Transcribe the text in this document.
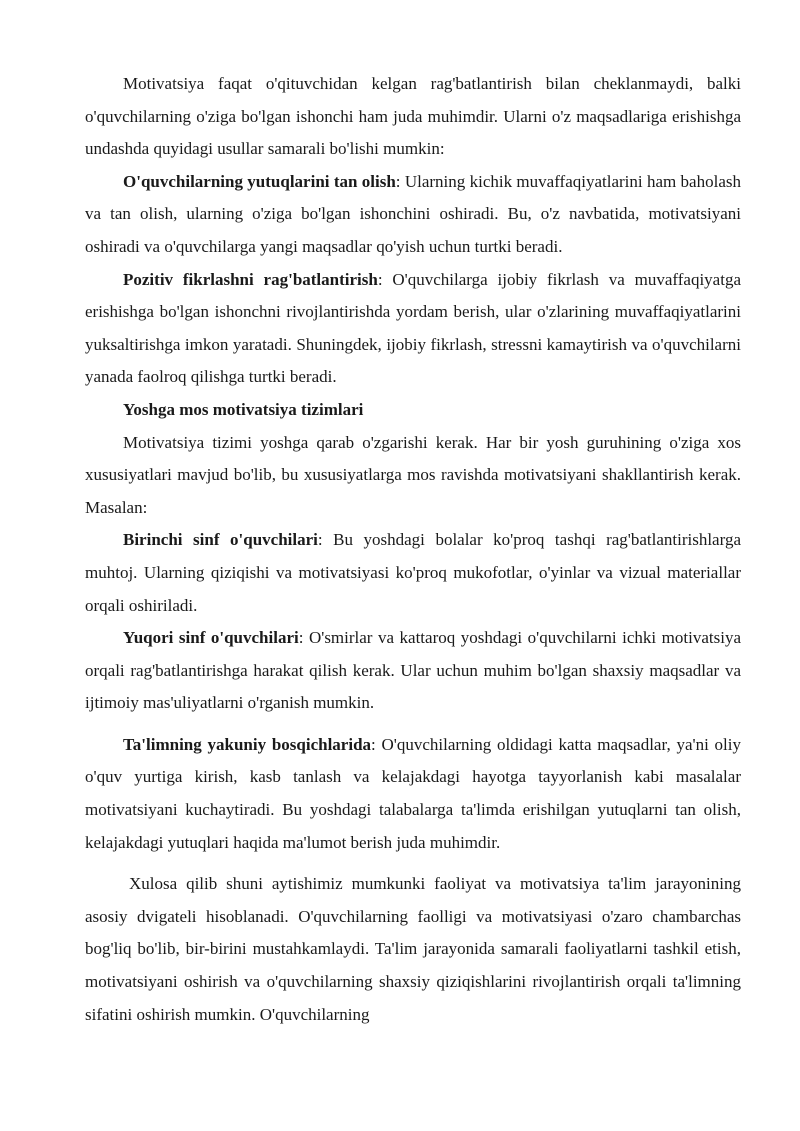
Motivatsiya faqat o'qituvchidan kelgan rag'batlantirish bilan cheklanmaydi, balki o'quvchilarning o'ziga bo'lgan ishonchi ham juda muhimdir. Ularni o'z maqsadlariga erishishga undashda quyidagi usullar samarali bo'lishi mumkin:

O'quvchilarning yutuqlarini tan olish: Ularning kichik muvaffaqiyatlarini ham baholash va tan olish, ularning o'ziga bo'lgan ishonchini oshiradi. Bu, o'z navbatida, motivatsiyani oshiradi va o'quvchilarga yangi maqsadlar qo'yish uchun turtki beradi.

Pozitiv fikrlashni rag'batlantirish: O'quvchilarga ijobiy fikrlash va muvaffaqiyatga erishishga bo'lgan ishonchni rivojlantirishda yordam berish, ular o'zlarining muvaffaqiyatlarini yuksaltirishga imkon yaratadi. Shuningdek, ijobiy fikrlash, stressni kamaytirish va o'quvchilarni yanada faolroq qilishga turtki beradi.

Yoshga mos motivatsiya tizimlari

Motivatsiya tizimi yoshga qarab o'zgarishi kerak. Har bir yosh guruhining o'ziga xos xususiyatlari mavjud bo'lib, bu xususiyatlarga mos ravishda motivatsiyani shakllantirish kerak. Masalan:

Birinchi sinf o'quvchilari: Bu yoshdagi bolalar ko'proq tashqi rag'batlantirishlarga muhtoj. Ularning qiziqishi va motivatsiyasi ko'proq mukofotlar, o'yinlar va vizual materiallar orqali oshiriladi.

Yuqori sinf o'quvchilari: O'smirlar va kattaroq yoshdagi o'quvchilarni ichki motivatsiya orqali rag'batlantirishga harakat qilish kerak. Ular uchun muhim bo'lgan shaxsiy maqsadlar va ijtimoiy mas'uliyatlarni o'rganish mumkin.

Ta'limning yakuniy bosqichlarida: O'quvchilarning oldidagi katta maqsadlar, ya'ni oliy o'quv yurtiga kirish, kasb tanlash va kelajakdagi hayotga tayyorlanish kabi masalalar motivatsiyani kuchaytiradi. Bu yoshdagi talabalarga ta'limda erishilgan yutuqlarni tan olish, kelajakdagi yutuqlari haqida ma'lumot berish juda muhimdir.

Xulosa qilib shuni aytishimiz mumkunki faoliyat va motivatsiya ta'lim jarayonining asosiy dvigateli hisoblanadi. O'quvchilarning faolligi va motivatsiyasi o'zaro chambarchas bog'liq bo'lib, bir-birini mustahkamlaydi. Ta'lim jarayonida samarali faoliyatlarni tashkil etish, motivatsiyani oshirish va o'quvchilarning shaxsiy qiziqishlarini rivojlantirish orqali ta'limning sifatini oshirish mumkin. O'quvchilarning
